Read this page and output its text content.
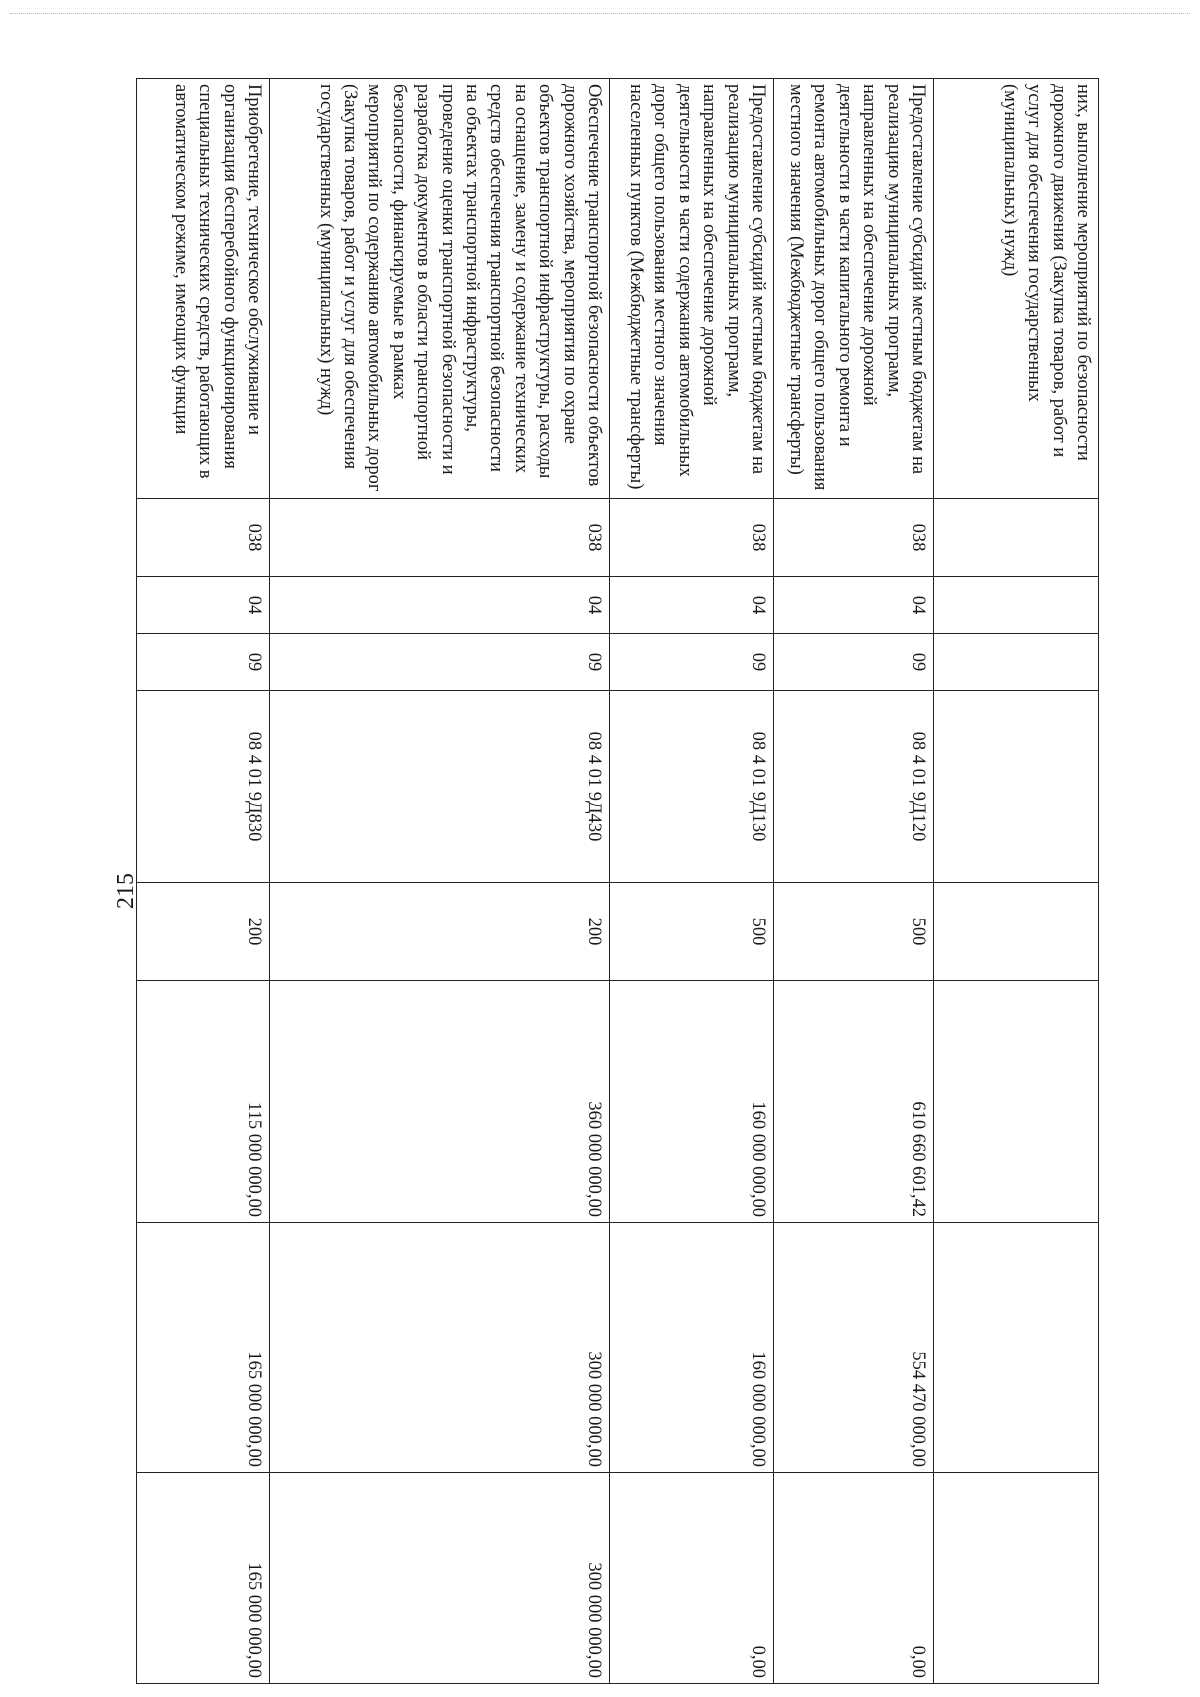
215
них, выполнение мероприятий по безопасности дорожного движения (Закупка товаров, работ и услуг для обеспечения государственных (муниципальных) нужд)								
Предоставление субсидий местным бюджетам на реализацию муниципальных программ, направленных на обеспечение дорожной деятельности в части капитального ремонта и ремонта автомобильных дорог общего пользования местного значения (Межбюджетные трансферты)	038	04	09	08 4 01 9Д120	500	610 660 601,42	554 470 000,00	0,00
Предоставление субсидий местным бюджетам на реализацию муниципальных программ, направленных на обеспечение дорожной деятельности в части содержания автомобильных дорог общего пользования местного значения населенных пунктов (Межбюджетные трансферты)	038	04	09	08 4 01 9Д130	500	160 000 000,00	160 000 000,00	0,00
Обеспечение транспортной безопасности объектов дорожного хозяйства, мероприятия по охране объектов транспортной инфраструктуры, расходы на оснащение, замену и содержание технических средств обеспечения транспортной безопасности на объектах транспортной инфраструктуры, проведение оценки транспортной безопасности и разработка документов в области транспортной безопасности, финансируемые в рамках мероприятий по содержанию автомобильных дорог (Закупка товаров, работ и услуг для обеспечения государственных (муниципальных) нужд)	038	04	09	08 4 01 9Д430	200	360 000 000,00	300 000 000,00	300 000 000,00
Приобретение, техническое обслуживание и организация бесперебойного функционирования специальных технических средств, работающих в автоматическом режиме, имеющих функции	038	04	09	08 4 01 9Д830	200	115 000 000,00	165 000 000,00	165 000 000,00
